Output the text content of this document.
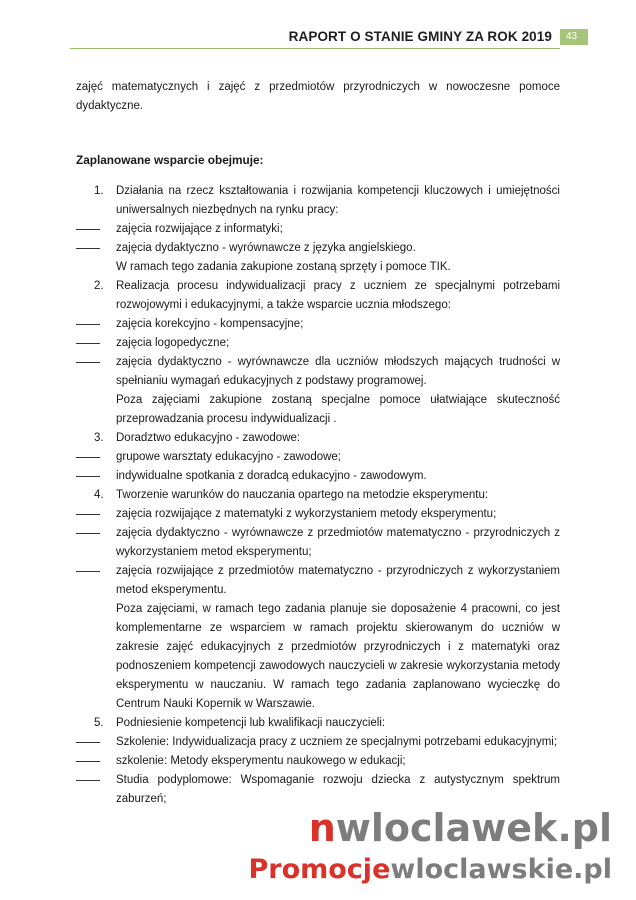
RAPORT O STANIE GMINY ZA ROK 2019	43

zajęć matematycznych i zajęć z przedmiotów przyrodniczych w nowoczesne pomoce dydaktyczne.

Zaplanowane wsparcie obejmuje:
1. Działania na rzecz kształtowania i rozwijania kompetencji kluczowych i umiejętności uniwersalnych niezbędnych na rynku pracy:
zajęcia rozwijające z informatyki;
zajęcia dydaktyczno - wyrównawcze z języka angielskiego.
W ramach tego zadania zakupione zostaną sprzęty i pomoce TIK.
2. Realizacja procesu indywidualizacji pracy z uczniem ze specjalnymi potrzebami rozwojowymi i edukacyjnymi, a także wsparcie ucznia młodszego:
zajęcia korekcyjno - kompensacyjne;
zajęcia logopedyczne;
zajęcia dydaktyczno - wyrównawcze dla uczniów młodszych mających trudności w spełnianiu wymagań edukacyjnych z podstawy programowej.
Poza zajęciami zakupione zostaną specjalne pomoce ułatwiające skuteczność przeprowadzania procesu indywidualizacji .
3. Doradztwo edukacyjno - zawodowe:
grupowe warsztaty edukacyjno - zawodowe;
indywidualne spotkania z doradcą edukacyjno - zawodowym.
4. Tworzenie warunków do nauczania opartego na metodzie eksperymentu:
zajęcia rozwijające z matematyki z wykorzystaniem metody eksperymentu;
zajęcia dydaktyczno - wyrównawcze z przedmiotów matematyczno - przyrodniczych z wykorzystaniem metod eksperymentu;
zajęcia rozwijające z przedmiotów matematyczno - przyrodniczych z wykorzystaniem metod eksperymentu.
Poza zajęciami, w ramach tego zadania planuje sie doposażenie 4 pracowni, co jest komplementarne ze wsparciem w ramach projektu skierowanym do uczniów w zakresie zajęć edukacyjnych z przedmiotów przyrodniczych i z matematyki oraz podnoszeniem kompetencji zawodowych nauczycieli w zakresie wykorzystania metody eksperymentu w nauczaniu. W ramach tego zadania zaplanowano wycieczkę do Centrum Nauki Kopernik w Warszawie.
5. Podniesienie kompetencji lub kwalifikacji nauczycieli:
Szkolenie: Indywidualizacja pracy z uczniem ze specjalnymi potrzebami edukacyjnymi;
szkolenie: Metody eksperymentu naukowego w edukacji;
Studia podyplomowe: Wspomaganie rozwoju dziecka z autystycznym spektrum zaburzeń;
nwloclawek.pl
Promocjewloclawskie.pl
